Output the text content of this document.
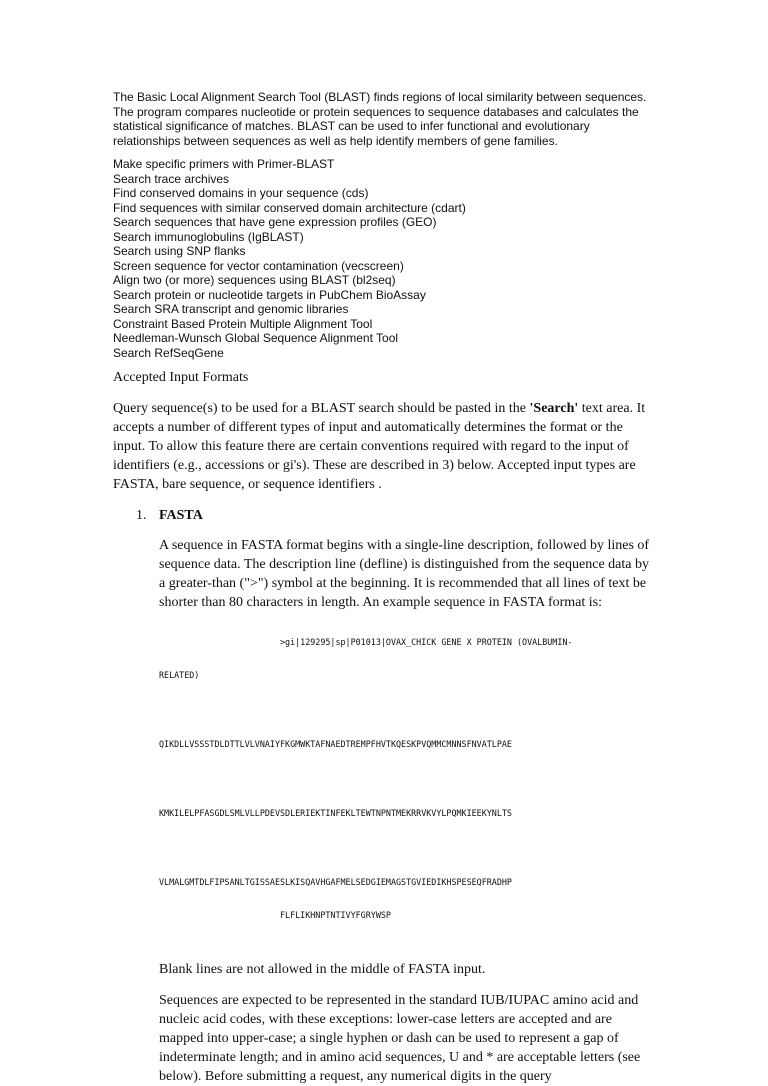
The Basic Local Alignment Search Tool (BLAST) finds regions of local similarity between sequences. The program compares nucleotide or protein sequences to sequence databases and calculates the statistical significance of matches. BLAST can be used to infer functional and evolutionary relationships between sequences as well as help identify members of gene families.

Make specific primers with Primer-BLAST
Search trace archives
Find conserved domains in your sequence (cds)
Find sequences with similar conserved domain architecture (cdart)
Search sequences that have gene expression profiles (GEO)
Search immunoglobulins (IgBLAST)
Search using SNP flanks
Screen sequence for vector contamination (vecscreen)
Align two (or more) sequences using BLAST (bl2seq)
Search protein or nucleotide targets in PubChem BioAssay
Search SRA transcript and genomic libraries
Constraint Based Protein Multiple Alignment Tool
Needleman-Wunsch Global Sequence Alignment Tool
Search RefSeqGene
Accepted Input Formats

Query sequence(s) to be used for a BLAST search should be pasted in the 'Search' text area. It accepts a number of different types of input and automatically determines the format or the input. To allow this feature there are certain conventions required with regard to the input of identifiers (e.g., accessions or gi's). These are described in 3) below. Accepted input types are FASTA, bare sequence, or sequence identifiers .

1. FASTA

A sequence in FASTA format begins with a single-line description, followed by lines of sequence data. The description line (defline) is distinguished from the sequence data by a greater-than (">") symbol at the beginning. It is recommended that all lines of text be shorter than 80 characters in length. An example sequence in FASTA format is:

>gi|129295|sp|P01013|OVAX_CHICK GENE X PROTEIN (OVALBUMIN-

RELATED)

QIKDLLVSSSTDLDTTLVLVNAIYFKGMWKTAFNAEDTREMPFHVTKQESKPVQMMCMNNSFNVATLPAE

KMKILELPFASGDLSMLVLLPDEVSDLERIEKTINFEKLTEWTNPNTMEKRRVKVYLPQMKIEEKYNLTS

VLMALGMTDLFIPSANLTGISSAESLKISQAVHGAFMELSEDGIEMAGSTGVIEDIKHSPESEQFRADHP

FLFLIKHNPTNTIVYFGRYWSP

Blank lines are not allowed in the middle of FASTA input.

Sequences are expected to be represented in the standard IUB/IUPAC amino acid and nucleic acid codes, with these exceptions: lower-case letters are accepted and are mapped into upper-case; a single hyphen or dash can be used to represent a gap of indeterminate length; and in amino acid sequences, U and * are acceptable letters (see below). Before submitting a request, any numerical digits in the query
